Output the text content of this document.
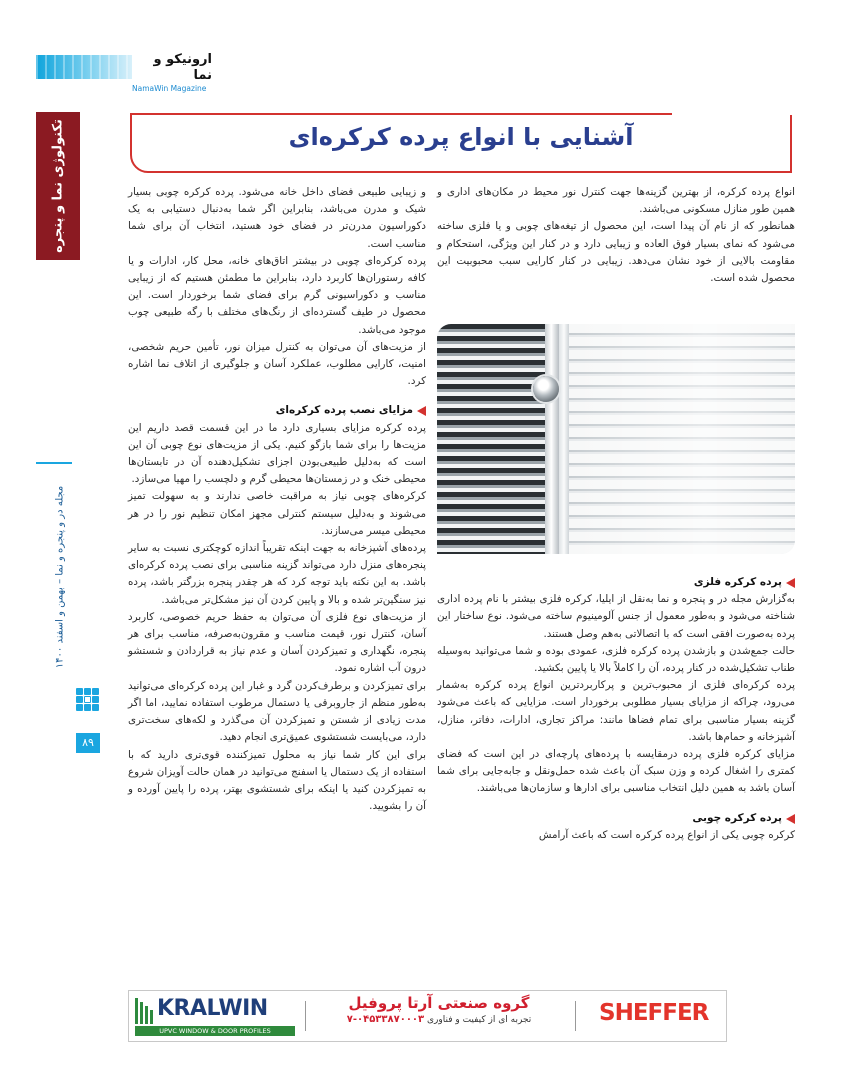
ارونیکو و نما
NamaWin Magazine
تکنولوژی نما و پنجره
مجله در و پنجره و نما – بهمن و اسفند ۱۴۰۰
۸۹
آشنایی با انواع پرده کرکره‌ای

انواع پرده کرکره، از بهترین گزینه‌ها جهت کنترل نور محیط در مکان‌های اداری و همین طور منازل مسکونی می‌باشند.

همانطور که از نام آن پیدا است، این محصول از تیغه‌های چوبی و یا فلزی ساخته می‌شود که نمای بسیار فوق العاده و زیبایی دارد و در کنار این ویژگی، استحکام و مقاومت بالایی از خود نشان می‌دهد. زیبایی در کنار کارایی سبب محبوبیت این محصول شده است.

و زیبایی طبیعی فضای داخل خانه می‌شود. پرده کرکره چوبی بسیار شیک و مدرن می‌باشد، بنابراین اگر شما به‌دنبال دستیابی به یک دکوراسیون مدرن‌تر در فضای خود هستید، انتخاب آن برای شما مناسب است.

پرده کرکره‌ای چوبی در بیشتر اتاق‌های خانه، محل کار، ادارات و یا کافه رستوران‌ها کاربرد دارد، بنابراین ما مطمئن هستیم که از زیبایی مناسب و دکوراسیونی گرم برای فضای شما برخوردار است. این محصول در طیف گسترده‌ای از رنگ‌های مختلف با رگه طبیعی چوب موجود می‌باشد.

از مزیت‌های آن می‌توان به کنترل میزان نور، تأمین حریم شخصی، امنیت، کارایی مطلوب، عملکرد آسان و جلوگیری از اتلاف نما اشاره کرد.

مزایای نصب پرده کرکره‌ای

پرده کرکره مزایای بسیاری دارد ما در این قسمت قصد داریم این مزیت‌ها را برای شما بازگو کنیم. یکی از مزیت‌های نوع چوبی آن این است که به‌دلیل طبیعی‌بودن اجزای تشکیل‌دهنده آن در تابستان‌ها محیطی خنک و در زمستان‌ها محیطی گرم و دلچسب را مهیا می‌سازد.

کرکره‌های چوبی نیاز به مراقبت خاصی ندارند و به سهولت تمیز می‌شوند و به‌دلیل سیستم کنترلی مجهز امکان تنظیم نور را در هر محیطی میسر می‌سازند.

پرده‌های آشپزخانه به جهت اینکه تقریباً اندازه کوچکتری نسبت به سایر پنجره‌های منزل دارد می‌تواند گزینه مناسبی برای نصب پرده کرکره‌ای باشد. به این نکته باید توجه کرد که هر چقدر پنجره بزرگتر باشد، پرده نیز سنگین‌تر شده و بالا و پایین کردن آن نیز مشکل‌تر می‌باشد.

از مزیت‌های نوع فلزی آن می‌توان به حفظ حریم خصوصی، کاربرد آسان، کنترل نور، قیمت مناسب و مقرون‌به‌صرفه، مناسب برای هر پنجره، نگهداری و تمیزکردن آسان و عدم نیاز به قراردادن و شستشو درون آب اشاره نمود.

برای تمیزکردن و برطرف‌کردن گرد و غبار این پرده کرکره‌ای می‌توانید به‌طور منظم از جاروبرقی یا دستمال مرطوب استفاده نمایید، اما اگر مدت زیادی از شستن و تمیزکردن آن می‌گذرد و لکه‌های سخت‌تری دارد، می‌بایست شستشوی عمیق‌تری انجام دهید.

برای این کار شما نیاز به محلول تمیزکننده قوی‌تری دارید که با استفاده از یک دستمال یا اسفنج می‌توانید در همان حالت آویزان شروع به تمیزکردن کنید یا اینکه برای شستشوی بهتر، پرده را پایین آورده و آن را بشویید.

پرده کرکره فلزی

به‌گزارش مجله در و پنجره و نما به‌نقل از ایلیا، کرکره فلزی بیشتر با نام پرده اداری شناخته می‌شود و به‌طور معمول از جنس آلومینیوم ساخته می‌شود. نوع ساختار این پرده به‌صورت افقی است که با اتصالاتی به‌هم وصل هستند.

حالت جمع‌شدن و بازشدن پرده کرکره فلزی، عمودی بوده و شما می‌توانید به‌وسیله طناب تشکیل‌شده در کنار پرده، آن را کاملاً بالا یا پایین بکشید.

پرده کرکره‌ای فلزی از محبوب‌ترین و پرکاربردترین انواع پرده کرکره به‌شمار می‌رود، چراکه از مزایای بسیار مطلوبی برخوردار است. مزایایی که باعث می‌شود گزینه بسیار مناسبی برای تمام فضاها مانند: مراکز تجاری، ادارات، دفاتر، منازل، آشپزخانه و حمام‌ها باشد.

مزایای کرکره فلزی پرده درمقایسه با پرده‌های پارچه‌ای در این است که فضای کمتری را اشغال کرده و وزن سبک آن باعث شده حمل‌ونقل و جابه‌جایی برای شما آسان باشد به همین دلیل انتخاب مناسبی برای ادارها و سازمان‌ها می‌باشند.

پرده کرکره چوبی

کرکره چوبی یکی از انواع پرده کرکره است که باعث آرامش

KRALWIN
UPVC WINDOW & DOOR PROFILES
گروه صنعتی آرتا پروفیل
تجربه ای از کیفیت و فناوری ۰۴۵۳۳۸۷۰۰۰۳-۷	SHEFFER
